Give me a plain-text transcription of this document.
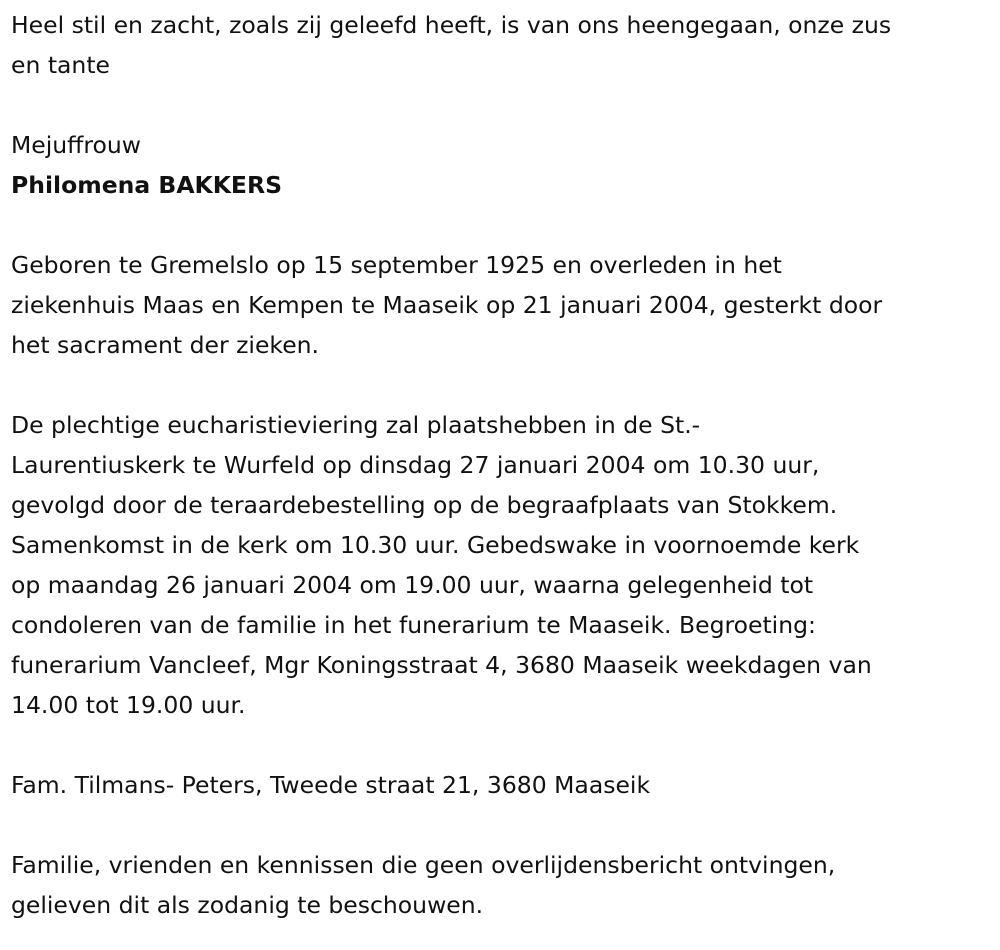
Heel stil en zacht, zoals zij geleefd heeft, is van ons heengegaan, onze zus
en tante

Mejuffrouw

Philomena BAKKERS

Geboren te Gremelslo op 15 september 1925 en overleden in het
ziekenhuis Maas en Kempen te Maaseik op 21 januari 2004, gesterkt door
het sacrament der zieken.

De plechtige eucharistieviering zal plaatshebben in de St.-
Laurentiuskerk te Wurfeld op dinsdag 27 januari 2004 om 10.30 uur,
gevolgd door de teraardebestelling op de begraafplaats van Stokkem.
Samenkomst in de kerk om 10.30 uur. Gebedswake in voornoemde kerk
op maandag 26 januari 2004 om 19.00 uur, waarna gelegenheid tot
condoleren van de familie in het funerarium te Maaseik. Begroeting:
funerarium Vancleef, Mgr Koningsstraat 4, 3680 Maaseik weekdagen van
14.00 tot 19.00 uur.

Fam. Tilmans- Peters, Tweede straat 21, 3680 Maaseik

Familie, vrienden en kennissen die geen overlijdensbericht ontvingen,
gelieven dit als zodanig te beschouwen.
